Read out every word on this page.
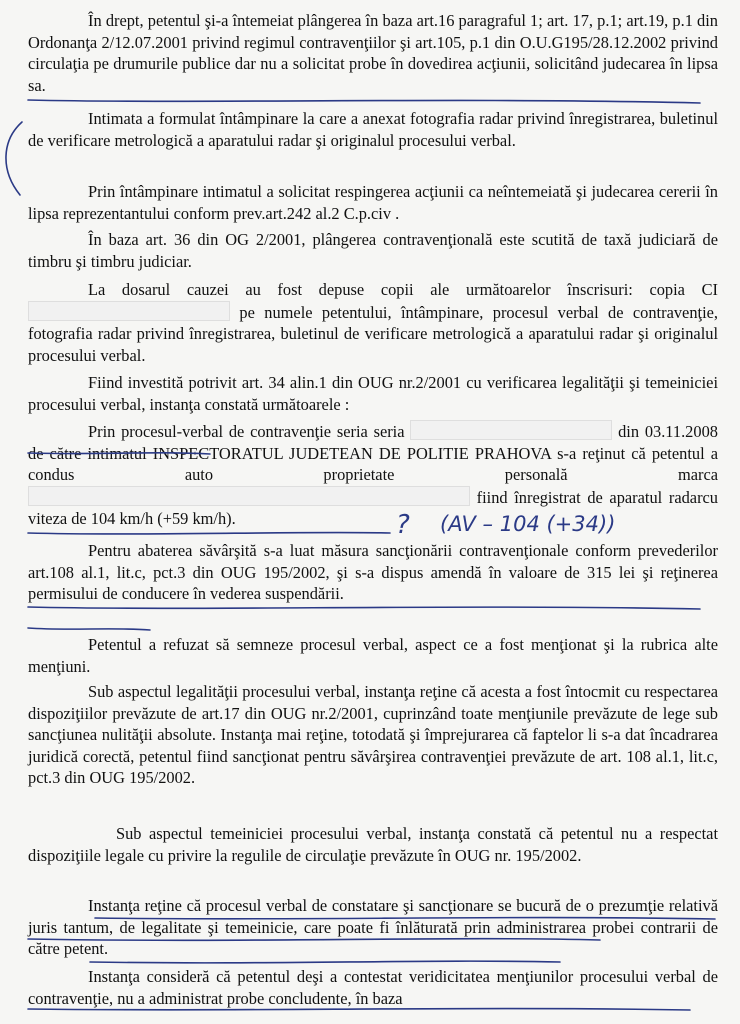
În drept, petentul şi-a întemeiat plângerea în baza art.16 paragraful 1; art. 17, p.1; art.19, p.1 din Ordonanţa 2/12.07.2001 privind regimul contravenţiilor şi art.105, p.1 din O.U.G195/28.12.2002 privind circulaţia pe drumurile publice dar nu a solicitat probe în dovedirea acţiunii, solicitând judecarea în lipsa sa.

Intimata a formulat întâmpinare la care a anexat fotografia radar privind înregistrarea, buletinul de verificare metrologică a aparatului radar şi originalul procesului verbal.

Prin întâmpinare intimatul a solicitat respingerea acţiunii ca neîntemeiată şi judecarea cererii în lipsa reprezentantului conform prev.art.242 al.2 C.p.civ .

În baza art. 36 din OG 2/2001, plângerea contravenţională este scutită de taxă judiciară de timbru şi timbru judiciar.

La dosarul cauzei au fost depuse copii ale următoarelor înscrisuri: copia CI  pe numele petentului, întâmpinare, procesul verbal de contravenţie, fotografia radar privind înregistrarea, buletinul de verificare metrologică a aparatului radar şi originalul procesului verbal.

Fiind investită potrivit art. 34 alin.1 din OUG nr.2/2001 cu verificarea legalităţii şi temeiniciei procesului verbal, instanţa constată următoarele :

Prin procesul-verbal de contravenţie seria seria	din 03.11.2008 de către intimatul INSPECTORATUL JUDETEAN DE POLITIE PRAHOVA s-a reţinut că petentul a condus auto proprietate personală marca  fiind înregistrat de aparatul radarcu viteza de 104 km/h (+59 km/h).

Pentru abaterea săvârşită s-a luat măsura sancţionării contravenţionale conform prevederilor art.108 al.1, lit.c, pct.3 din OUG 195/2002, şi s-a dispus amendă în valoare de 315 lei şi reţinerea permisului de conducere în vederea suspendării.

Petentul a refuzat să semneze procesul verbal, aspect ce a fost menţionat şi la rubrica alte menţiuni.

Sub aspectul legalităţii procesului verbal, instanţa reţine că acesta a fost întocmit cu respectarea dispoziţiilor prevăzute de art.17 din OUG nr.2/2001, cuprinzând toate menţiunile prevăzute de lege sub sancţiunea nulităţii absolute. Instanţa mai reţine, totodată şi împrejurarea că faptelor li s-a dat încadrarea juridică corectă, petentul fiind sancţionat pentru săvârşirea contravenţiei prevăzute de art. 108 al.1, lit.c, pct.3 din OUG 195/2002.

Sub aspectul temeiniciei procesului verbal, instanţa constată că petentul nu a respectat dispoziţiile legale cu privire la regulile de circulaţie prevăzute în OUG nr. 195/2002.

Instanţa reţine că procesul verbal de constatare şi sancţionare se bucură de o prezumţie relativă juris tantum, de legalitate şi temeinicie, care poate fi înlăturată prin administrarea probei contrarii de către petent.

Instanţa consideră că petentul deşi a contestat veridicitatea menţiunilor procesului verbal de contravenţie, nu a administrat probe concludente, în baza

? (AV – 104 (+34))
